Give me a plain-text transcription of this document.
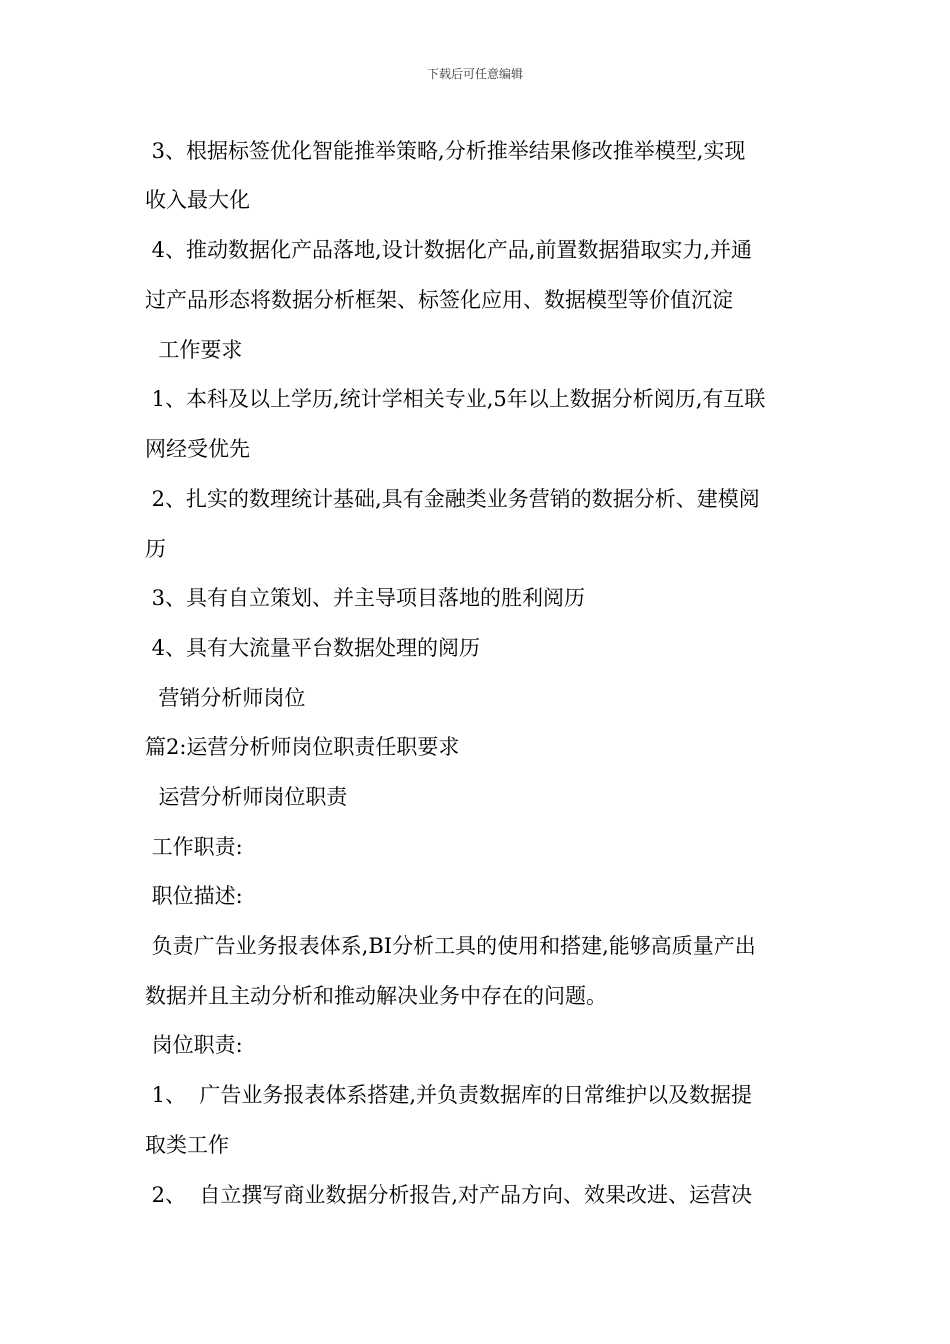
下载后可任意编辑
3、根据标签优化智能推举策略,分析推举结果修改推举模型,实现
收入最大化
4、推动数据化产品落地,设计数据化产品,前置数据猎取实力,并通
过产品形态将数据分析框架、标签化应用、数据模型等价值沉淀
工作要求
1、本科及以上学历,统计学相关专业,5年以上数据分析阅历,有互联
网经受优先
2、扎实的数理统计基础,具有金融类业务营销的数据分析、建模阅
历
3、具有自立策划、并主导项目落地的胜利阅历
4、具有大流量平台数据处理的阅历
营销分析师岗位
篇2:运营分析师岗位职责任职要求
运营分析师岗位职责
工作职责:
职位描述:
负责广告业务报表体系,BI分析工具的使用和搭建,能够高质量产出
数据并且主动分析和推动解决业务中存在的问题。
岗位职责:
1、  广告业务报表体系搭建,并负责数据库的日常维护以及数据提
取类工作
2、  自立撰写商业数据分析报告,对产品方向、效果改进、运营决
